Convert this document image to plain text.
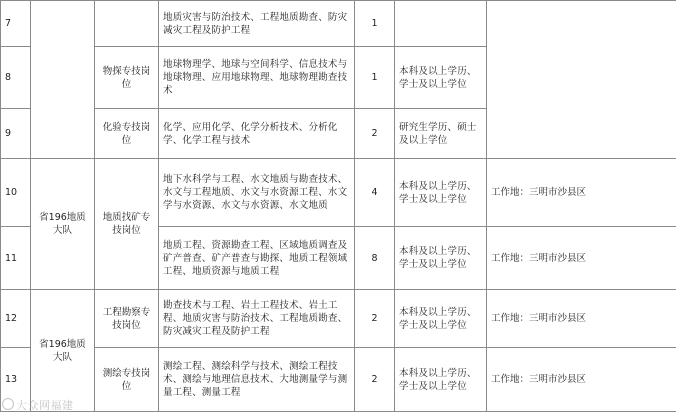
7			地质灾害与防治技术、工程地质勘查、防灾减灾工程及防护工程	1		
8		物探专技岗位	地球物理学、地球与空间科学、信息技术与地球物理、应用地球物理、地球物理勘查技术	1	本科及以上学历、学士及以上学位	
9		化验专技岗位	化学、应用化学、化学分析技术、分析化学、化学工程与技术	2	研究生学历、硕士及以上学位	
10	省196地质大队	地质找矿专技岗位	地下水科学与工程、水文地质与勘查技术、水文与工程地质、水文与水资源工程、水文学与水资源、水文与水资源、水文地质	4	本科及以上学历、学士及以上学位	工作地：三明市沙县区
11			地质工程、资源勘查工程、区域地质调查及矿产普查、矿产普查与勘探、地质工程领域工程、地质资源与地质工程	8	本科及以上学历、学士及以上学位	工作地：三明市沙县区
12	省196地质大队	工程勘察专技岗位	勘查技术与工程、岩土工程技术、岩土工程、地质灾害与防治技术、工程地质勘查、防灾减灾工程及防护工程	2	本科及以上学历、学士及以上学位	工作地：三明市沙县区
13		测绘专技岗位	测绘工程、测绘科学与技术、测绘工程技术、测绘与地理信息技术、大地测量学与测量工程、测量工程	2	本科及以上学历、学士及以上学位	工作地：三明市沙县区
大众网福建
